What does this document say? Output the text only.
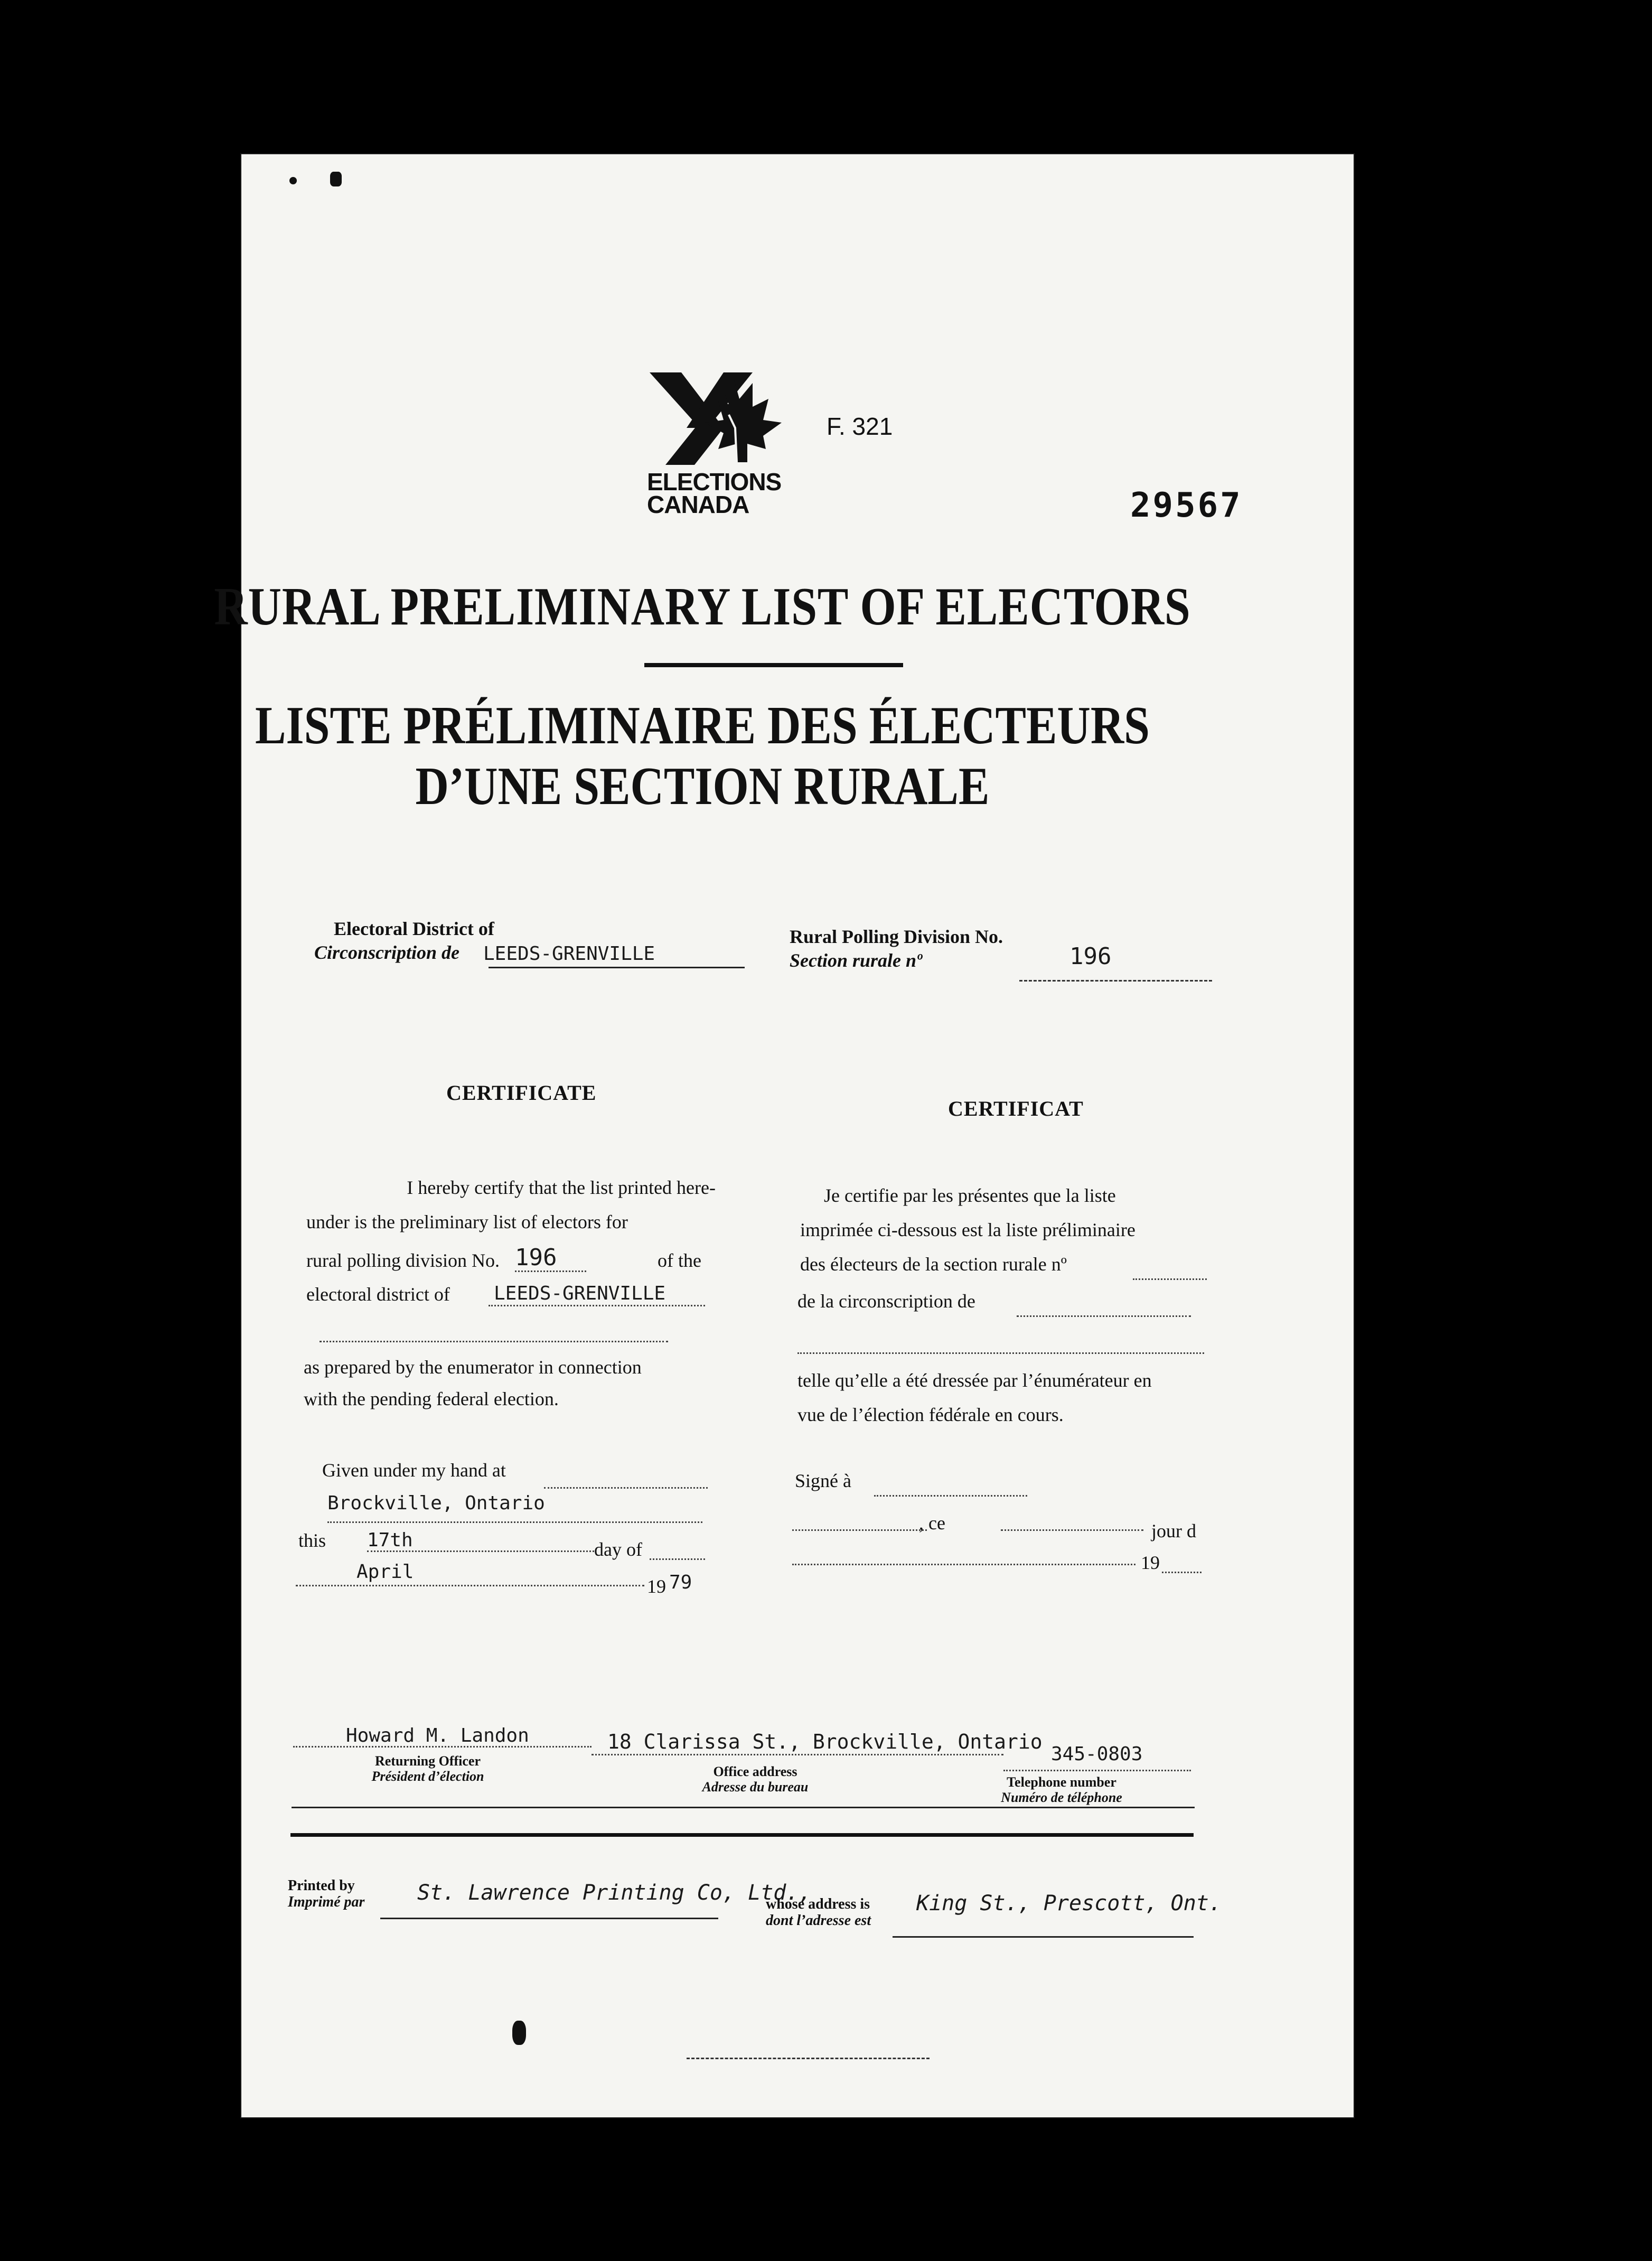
ELECTIONS
CANADA
F. 321
29567
RURAL PRELIMINARY LIST OF ELECTORS
LISTE PRÉLIMINAIRE DES ÉLECTEURS
D’UNE SECTION RURALE
Electoral District of
Circonscription de LEEDS-GRENVILLE
Rural Polling Division No.
Section rurale nº	196
CERTIFICATE
I hereby certify that the list printed here-
under is the preliminary list of electors for
rural polling division No. 196	of the
electoral district of LEEDS-GRENVILLE
as prepared by the enumerator in connection
with the pending federal election.
Given under my hand at
Brockville, Ontario
this 17th	day of
April
19 79
CERTIFICAT
Je certifie par les présentes que la liste
imprimée ci-dessous est la liste préliminaire
des électeurs de la section rurale nº
de la circonscription de
telle qu’elle a été dressée par l’énumérateur en
vue de l’élection fédérale en cours.
Signé à
, ce	jour d
19
Howard M. Landon
Returning Officer
Président d’élection
18 Clarissa St., Brockville, Ontario
Office address
Adresse du bureau
345-0803
Telephone number
Numéro de téléphone
Printed by
Imprimé par St. Lawrence Printing Co, Ltd.,
whose address is
dont l’adresse est
King St., Prescott, Ont.
